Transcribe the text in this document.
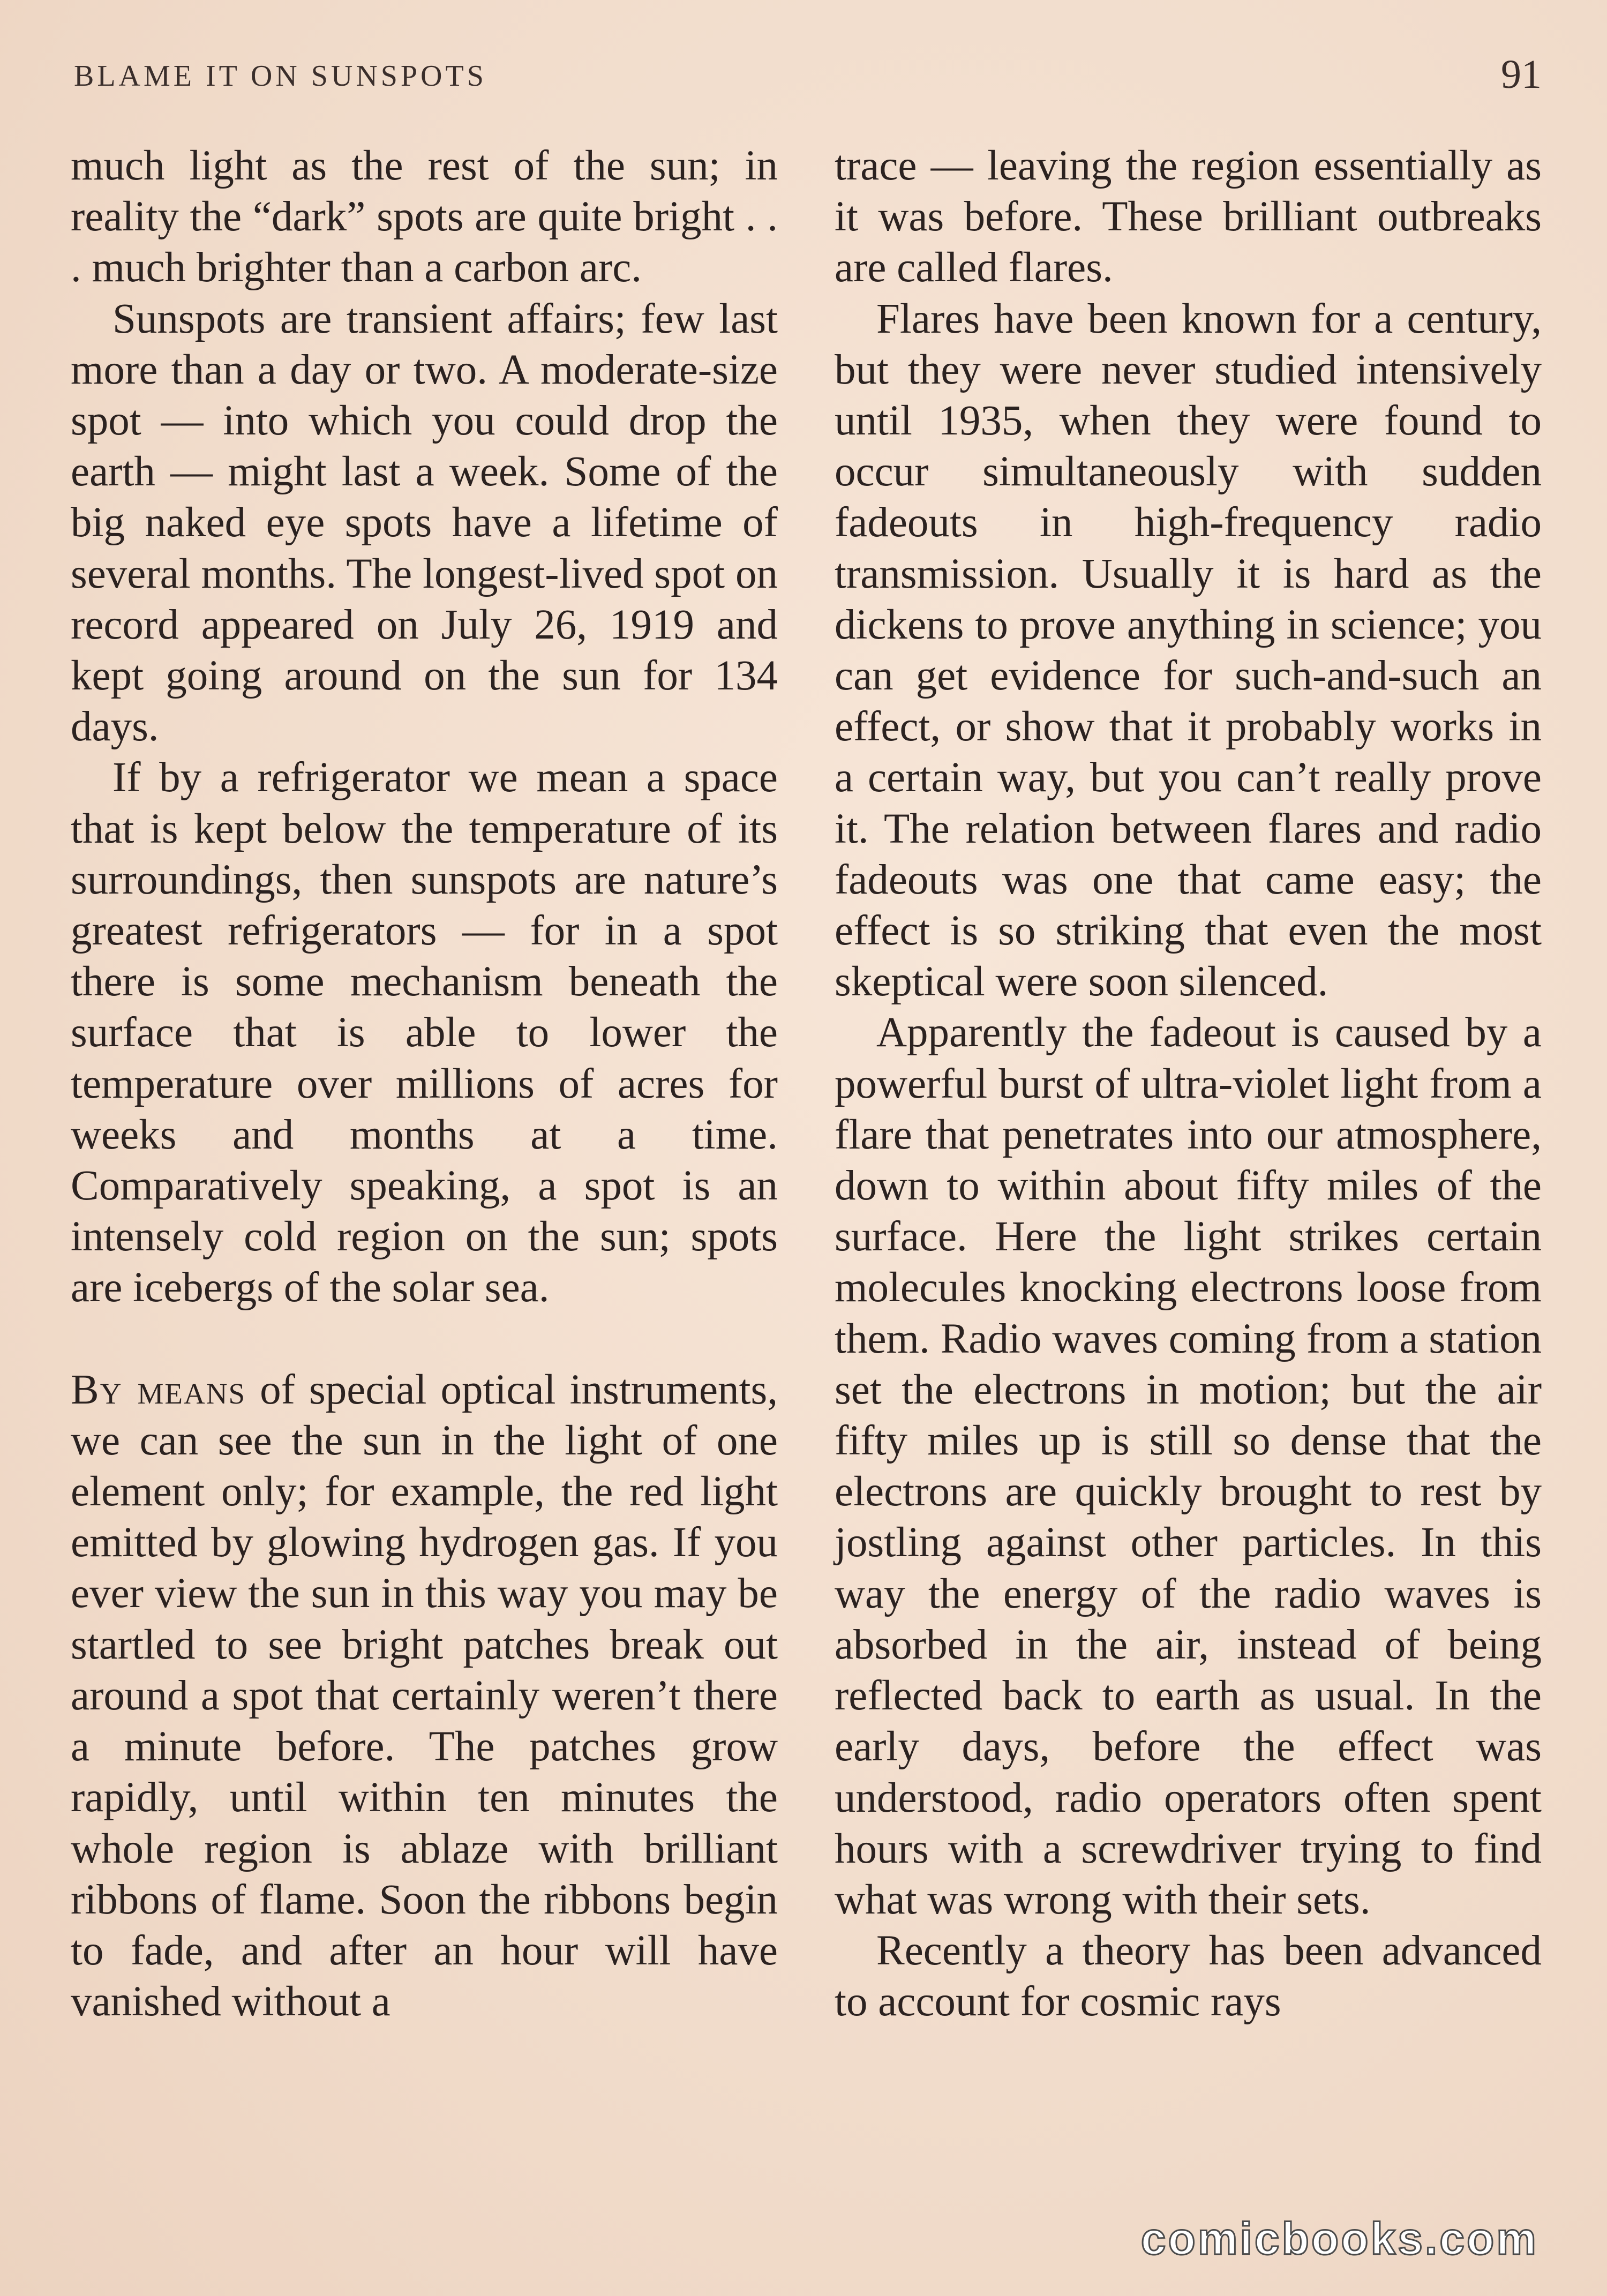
BLAME IT ON SUNSPOTS	91

much light as the rest of the sun; in reality the “dark” spots are quite bright . . . much brighter than a carbon arc.

Sunspots are transient affairs; few last more than a day or two. A moderate-size spot — into which you could drop the earth — might last a week. Some of the big naked eye spots have a lifetime of several months. The longest-lived spot on record appeared on July 26, 1919 and kept going around on the sun for 134 days.

If by a refrigerator we mean a space that is kept below the temperature of its surroundings, then sunspots are nature’s greatest refrigerators — for in a spot there is some mechanism beneath the surface that is able to lower the temperature over millions of acres for weeks and months at a time. Comparatively speaking, a spot is an intensely cold region on the sun; spots are icebergs of the solar sea.

By means of special optical instruments, we can see the sun in the light of one element only; for example, the red light emitted by glowing hydrogen gas. If you ever view the sun in this way you may be startled to see bright patches break out around a spot that certainly weren’t there a minute before. The patches grow rapidly, until within ten minutes the whole region is ablaze with brilliant ribbons of flame. Soon the ribbons begin to fade, and after an hour will have vanished without a

trace — leaving the region essentially as it was before. These brilliant outbreaks are called flares.

Flares have been known for a century, but they were never studied intensively until 1935, when they were found to occur simultaneously with sudden fadeouts in high-frequency radio transmission. Usually it is hard as the dickens to prove anything in science; you can get evidence for such-and-such an effect, or show that it probably works in a certain way, but you can’t really prove it. The relation between flares and radio fadeouts was one that came easy; the effect is so striking that even the most skeptical were soon silenced.

Apparently the fadeout is caused by a powerful burst of ultra-violet light from a flare that penetrates into our atmosphere, down to within about fifty miles of the surface. Here the light strikes certain molecules knocking electrons loose from them. Radio waves coming from a station set the electrons in motion; but the air fifty miles up is still so dense that the electrons are quickly brought to rest by jostling against other particles. In this way the energy of the radio waves is absorbed in the air, instead of being reflected back to earth as usual. In the early days, before the effect was understood, radio operators often spent hours with a screwdriver trying to find what was wrong with their sets.

Recently a theory has been advanced to account for cosmic rays

comicbooks.com
